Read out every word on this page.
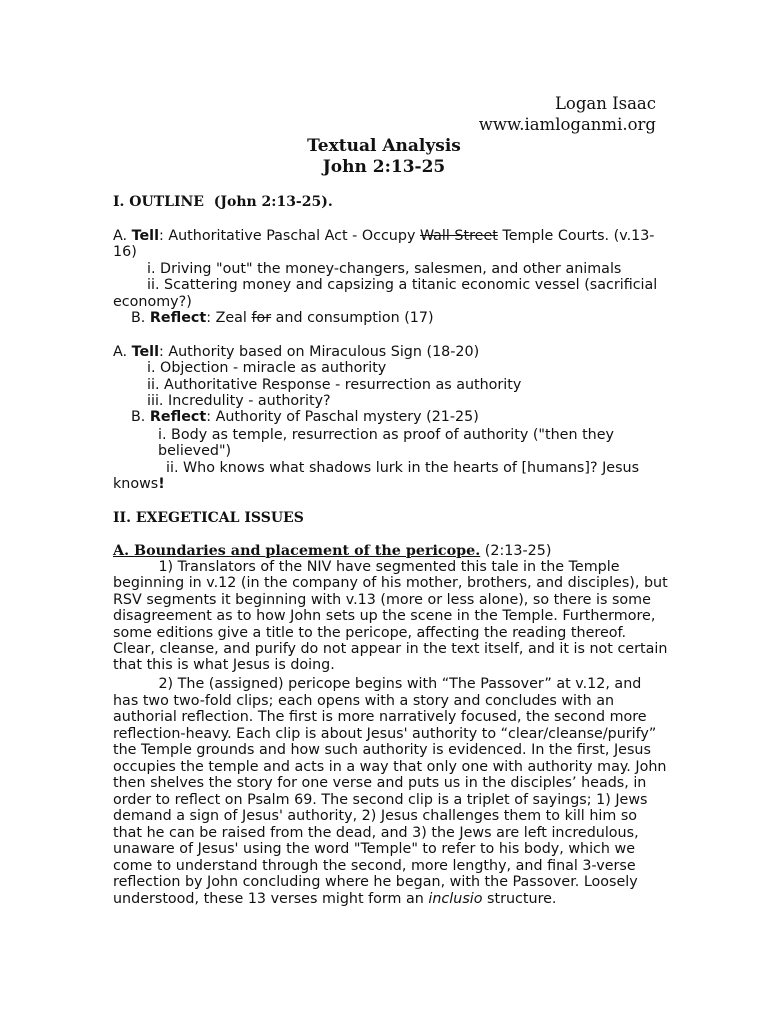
Logan Isaac
www.iamloganmi.org
Textual Analysis
John 2:13-25
I. OUTLINE  (John 2:13-25).
A. Tell: Authoritative Paschal Act - Occupy Wall Street Temple Courts. (v.13-
16)
i. Driving "out" the money-changers, salesmen, and other animals
ii. Scattering money and capsizing a titanic economic vessel (sacrificial
economy?)
B. Reflect: Zeal for and consumption (17)
A. Tell: Authority based on Miraculous Sign (18-20)
i. Objection - miracle as authority
ii. Authoritative Response - resurrection as authority
iii. Incredulity - authority?
B. Reflect: Authority of Paschal mystery (21-25)
i. Body as temple, resurrection as proof of authority ("then they
believed")
ii. Who knows what shadows lurk in the hearts of [humans]? Jesus
knows!
II. EXEGETICAL ISSUES
A. Boundaries and placement of the pericope. (2:13-25)
1) Translators of the NIV have segmented this tale in the Temple
beginning in v.12 (in the company of his mother, brothers, and disciples), but
RSV segments it beginning with v.13 (more or less alone), so there is some
disagreement as to how John sets up the scene in the Temple. Furthermore,
some editions give a title to the pericope, affecting the reading thereof.
Clear, cleanse, and purify do not appear in the text itself, and it is not certain
that this is what Jesus is doing.
2) The (assigned) pericope begins with “The Passover” at v.12, and
has two two-fold clips; each opens with a story and concludes with an
authorial reflection. The first is more narratively focused, the second more
reflection-heavy. Each clip is about Jesus' authority to “clear/cleanse/purify”
the Temple grounds and how such authority is evidenced. In the first, Jesus
occupies the temple and acts in a way that only one with authority may. John
then shelves the story for one verse and puts us in the disciples’ heads, in
order to reflect on Psalm 69. The second clip is a triplet of sayings; 1) Jews
demand a sign of Jesus' authority, 2) Jesus challenges them to kill him so
that he can be raised from the dead, and 3) the Jews are left incredulous,
unaware of Jesus' using the word "Temple" to refer to his body, which we
come to understand through the second, more lengthy, and final 3-verse
reflection by John concluding where he began, with the Passover. Loosely
understood, these 13 verses might form an inclusio structure.
